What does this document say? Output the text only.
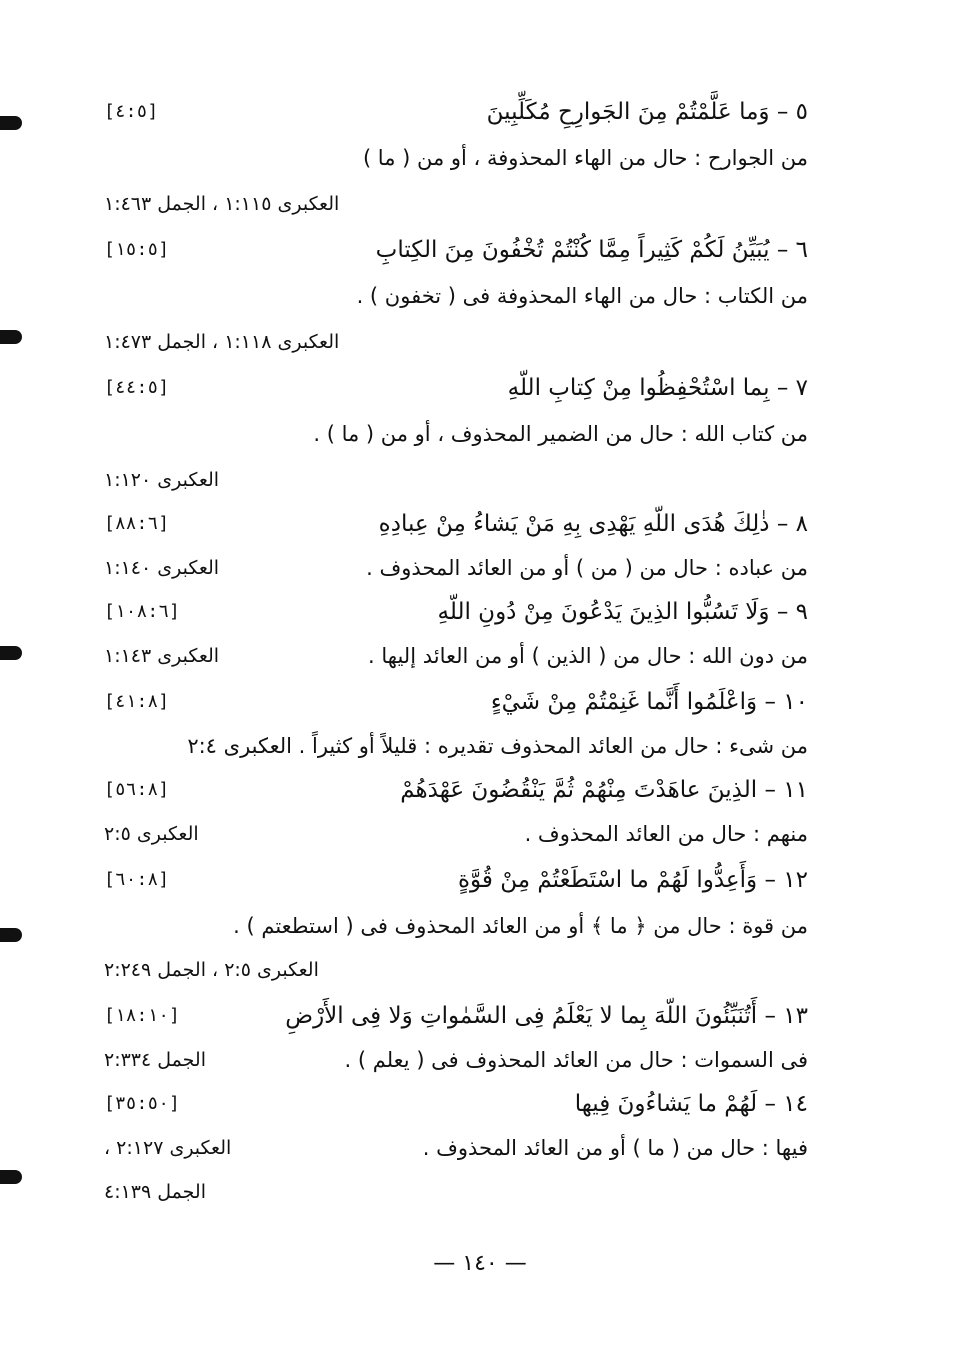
٥ – وَما عَلَّمْتُمْ مِنَ الجَوارِحِ مُكَلِّبِينَ
[٤:٥]
من الجوارح : حال من الهاء المحذوفة ، أو من ( ما )
العكبرى ١:١١٥ ، الجمل ١:٤٦٣
٦ – يُبَيِّنُ لَكُمْ كَثِيراً مِمَّا كُنْتُمْ تُخْفُونَ مِنَ الكِتابِ
[١٥:٥]
من الكتاب : حال من الهاء المحذوفة فى ( تخفون ) .
العكبرى ١:١١٨ ، الجمل ١:٤٧٣
٧ – بِما اسْتُحْفِظُوا مِنْ كِتابِ اللّهِ
[٤٤:٥]
من كتاب الله : حال من الضمير المحذوف ، أو من ( ما ) .
العكبرى ١:١٢٠
٨ – ذٰلِكَ هُدَى اللّهِ يَهْدِى بِهِ مَنْ يَشاءُ مِنْ عِبادِهِ
[٨٨:٦]
من عباده : حال من ( من ) أو من العائد المحذوف .
العكبرى ١:١٤٠
٩ – وَلَا تَسُبُّوا الذِينَ يَدْعُونَ مِنْ دُونِ اللّهِ
[١٠٨:٦]
من دون الله : حال من ( الذين ) أو من العائد إليها .
العكبرى ١:١٤٣
١٠ – وَاعْلَمُوا أَنَّما غَنِمْتُمْ مِنْ شَيْءٍ
[٤١:٨]
من شىء : حال من العائد المحذوف تقديره : قليلاً أو كثيراً . العكبرى ٢:٤
١١ – الذِينَ عاهَدْتَ مِنْهُمْ ثُمَّ يَنْقُضُونَ عَهْدَهُمْ
[٥٦:٨]
منهم : حال من العائد المحذوف .
العكبرى ٢:٥
١٢ – وَأَعِدُّوا لَهُمْ ما اسْتَطَعْتُمْ مِنْ قُوَّةٍ
[٦٠:٨]
من قوة : حال من ﴿ ما ﴾ أو من العائد المحذوف فى ( استطعتم ) .
العكبرى ٢:٥ ، الجمل ٢:٢٤٩
١٣ – أَتُنَبِّئُونَ اللّهَ بِما لا يَعْلَمُ فِى السَّمٰواتِ وَلا فِى الأَرْضِ
[١٨:١٠]
فى السموات : حال من العائد المحذوف فى ( يعلم ) .
الجمل ٢:٣٣٤
١٤ – لَهُمْ ما يَشاءُونَ فِيها
[٣٥:٥٠]
فيها : حال من ( ما ) أو من العائد المحذوف .
العكبرى ٢:١٢٧ ،
الجمل ٤:١٣٩
— ١٤٠ —
